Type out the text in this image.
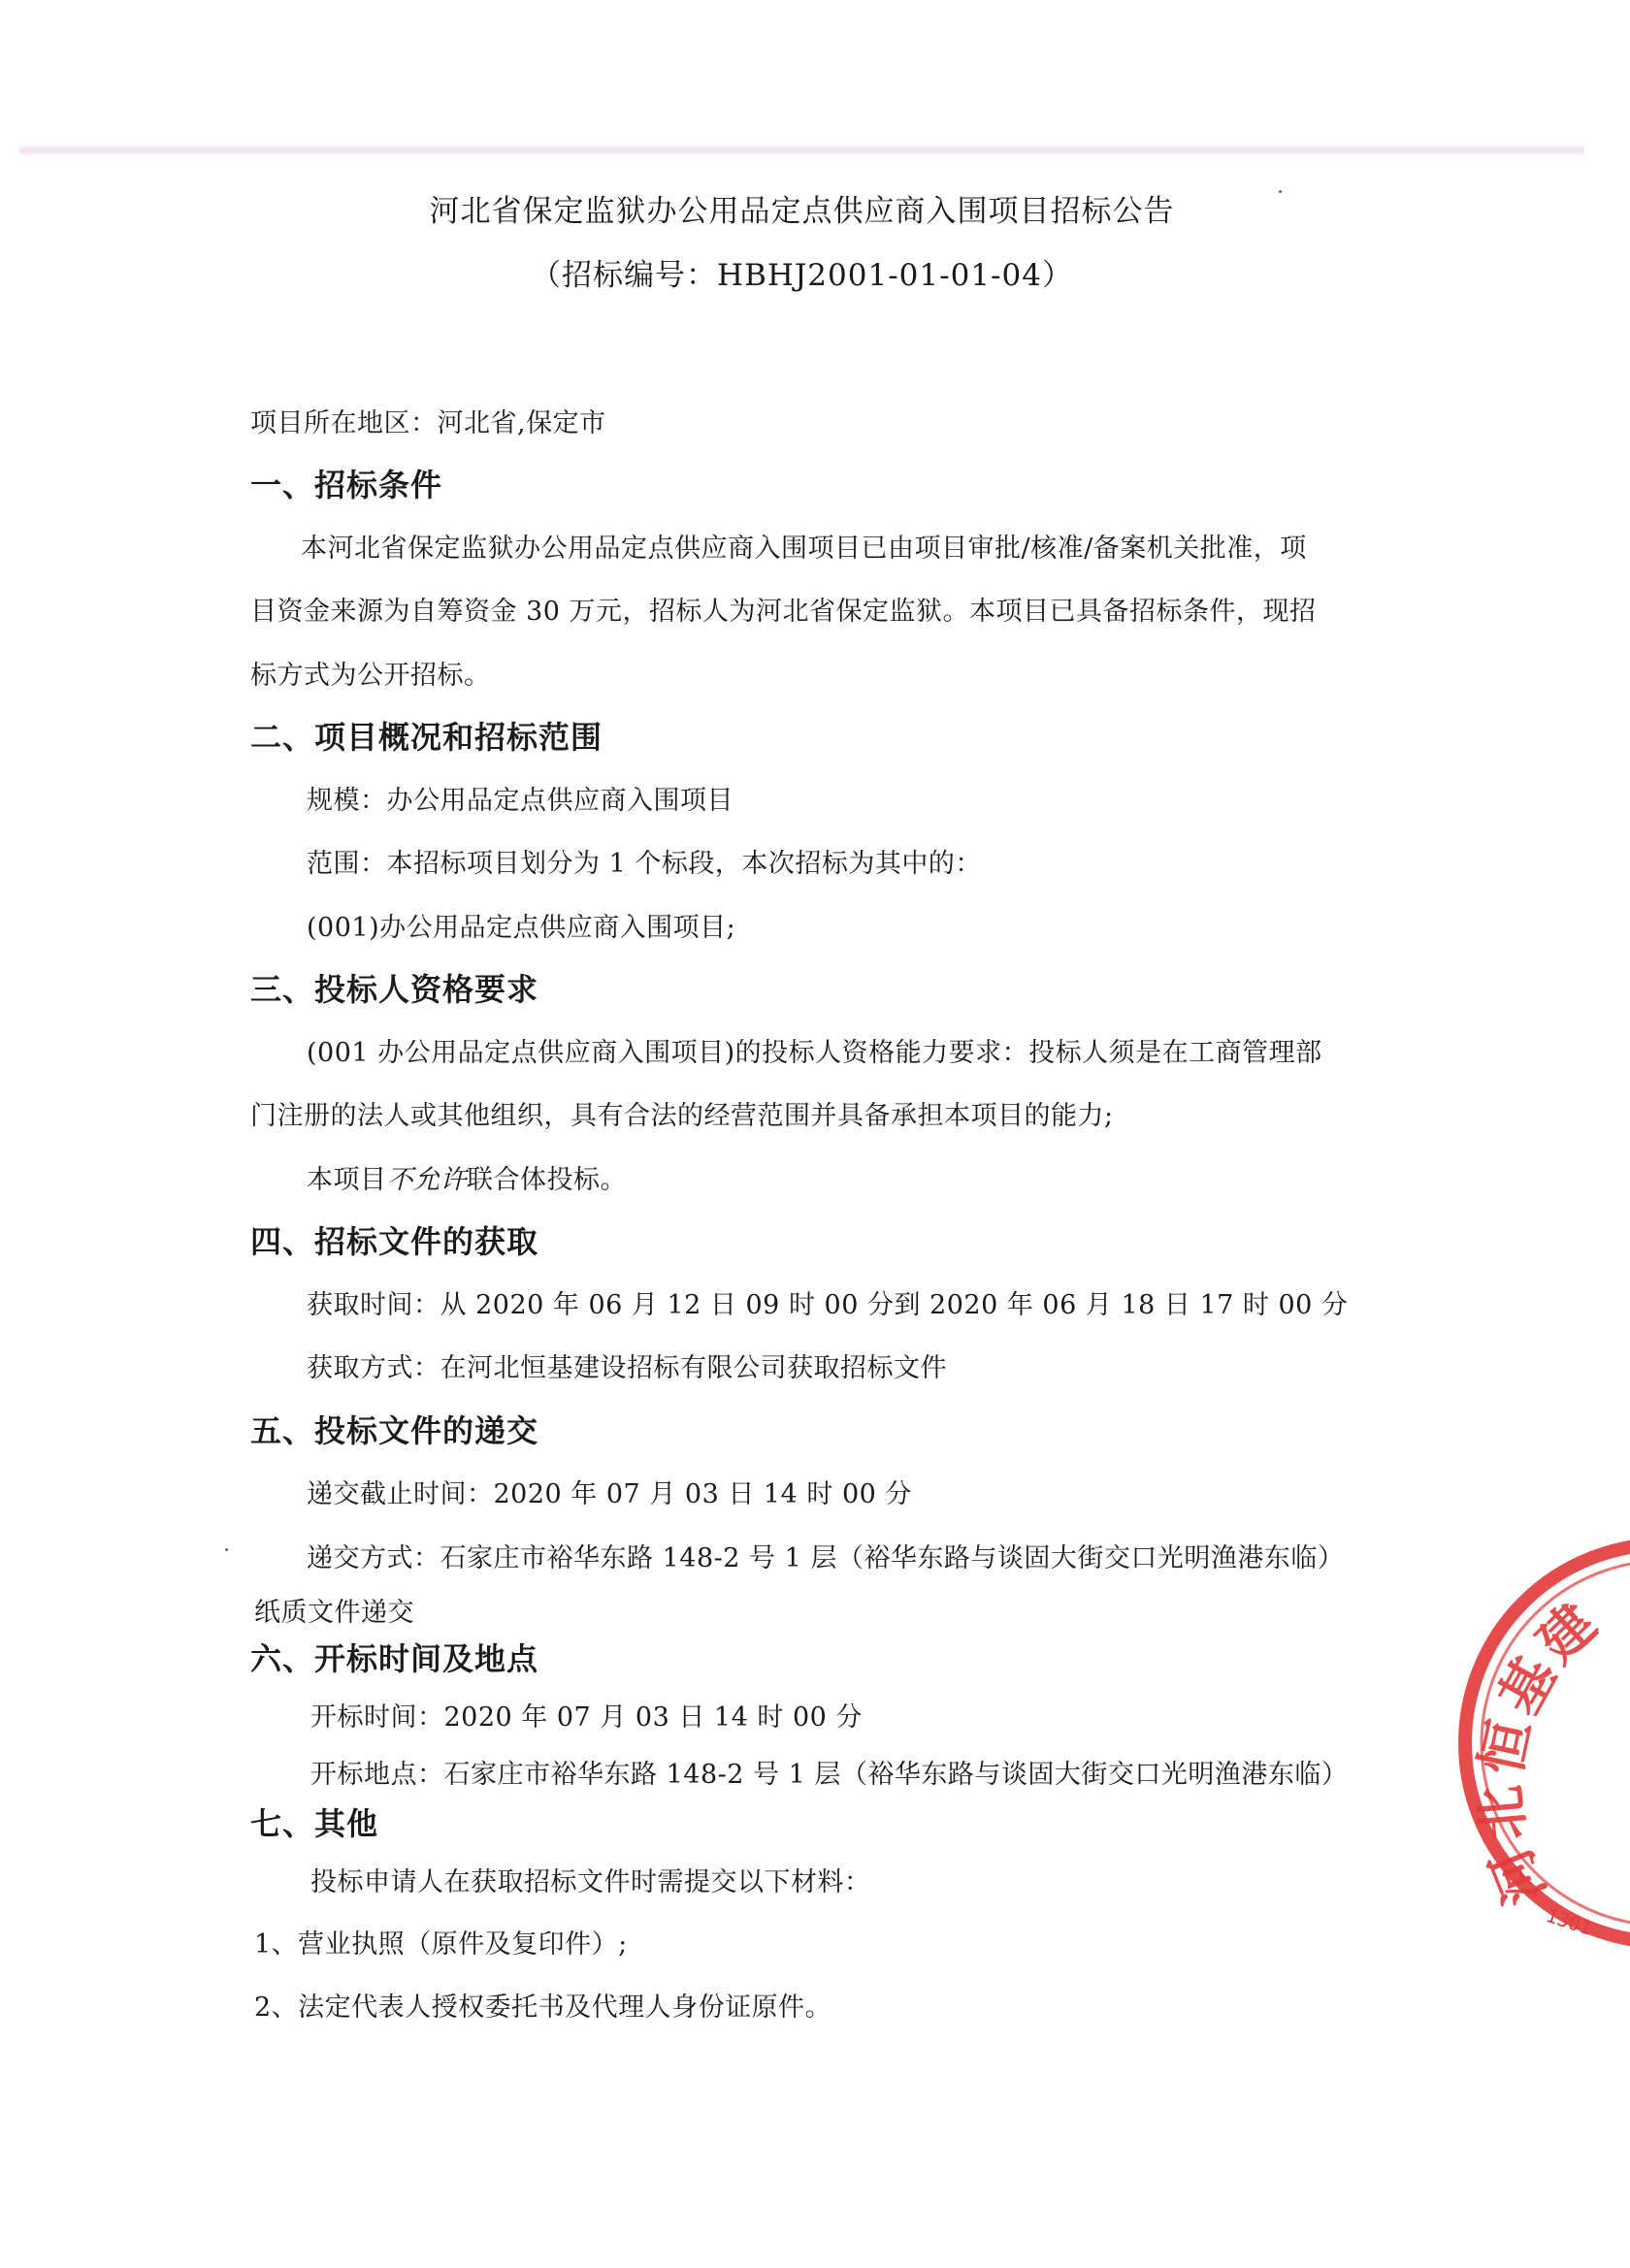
河北省保定监狱办公用品定点供应商入围项目招标公告
（招标编号：HBHJ2001-01-01-04）
项目所在地区：河北省,保定市
一、招标条件
本河北省保定监狱办公用品定点供应商入围项目已由项目审批/核准/备案机关批准，项
目资金来源为自筹资金 30 万元，招标人为河北省保定监狱。本项目已具备招标条件，现招
标方式为公开招标。
二、项目概况和招标范围
规模：办公用品定点供应商入围项目
范围：本招标项目划分为 1 个标段，本次招标为其中的：
(001)办公用品定点供应商入围项目;
三、投标人资格要求
(001 办公用品定点供应商入围项目)的投标人资格能力要求：投标人须是在工商管理部
门注册的法人或其他组织，具有合法的经营范围并具备承担本项目的能力;
本项目不允许联合体投标。
四、招标文件的获取
获取时间：从 2020 年 06 月 12 日 09 时 00 分到 2020 年 06 月 18 日 17 时 00 分
获取方式：在河北恒基建设招标有限公司获取招标文件
五、投标文件的递交
递交截止时间：2020 年 07 月 03 日 14 时 00 分
递交方式：石家庄市裕华东路 148-2 号 1 层（裕华东路与谈固大街交口光明渔港东临）
纸质文件递交
六、开标时间及地点
开标时间：2020 年 07 月 03 日 14 时 00 分
开标地点：石家庄市裕华东路 148-2 号 1 层（裕华东路与谈固大街交口光明渔港东临）
七、其他
投标申请人在获取招标文件时需提交以下材料：
1、营业执照（原件及复印件）;
2、法定代表人授权委托书及代理人身份证原件。
河北恒基建
1301
